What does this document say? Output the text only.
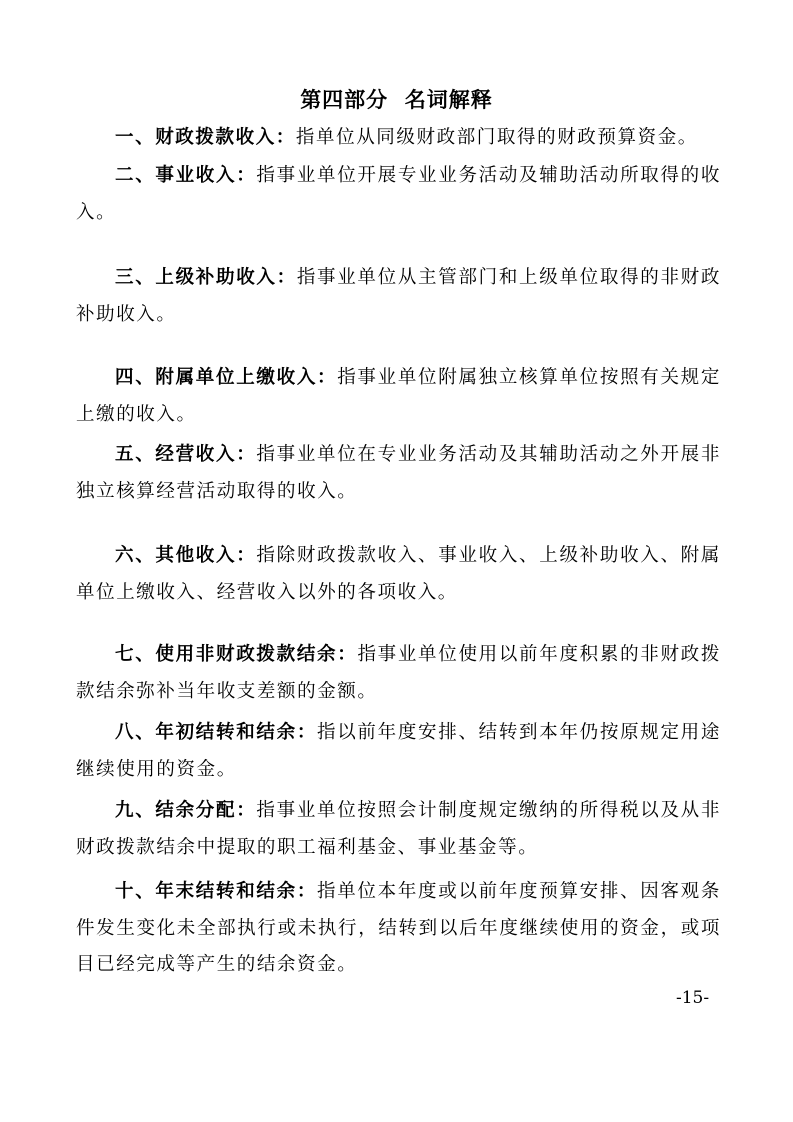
第四部分  名词解释

一、财政拨款收入：指单位从同级财政部门取得的财政预算资金。

二、事业收入：指事业单位开展专业业务活动及辅助活动所取得的收入。

三、上级补助收入：指事业单位从主管部门和上级单位取得的非财政补助收入。

四、附属单位上缴收入：指事业单位附属独立核算单位按照有关规定上缴的收入。

五、经营收入：指事业单位在专业业务活动及其辅助活动之外开展非独立核算经营活动取得的收入。

六、其他收入：指除财政拨款收入、事业收入、上级补助收入、附属单位上缴收入、经营收入以外的各项收入。

七、使用非财政拨款结余：指事业单位使用以前年度积累的非财政拨款结余弥补当年收支差额的金额。

八、年初结转和结余：指以前年度安排、结转到本年仍按原规定用途继续使用的资金。

九、结余分配：指事业单位按照会计制度规定缴纳的所得税以及从非财政拨款结余中提取的职工福利基金、事业基金等。

十、年末结转和结余：指单位本年度或以前年度预算安排、因客观条件发生变化未全部执行或未执行，结转到以后年度继续使用的资金，或项目已经完成等产生的结余资金。

-15-
